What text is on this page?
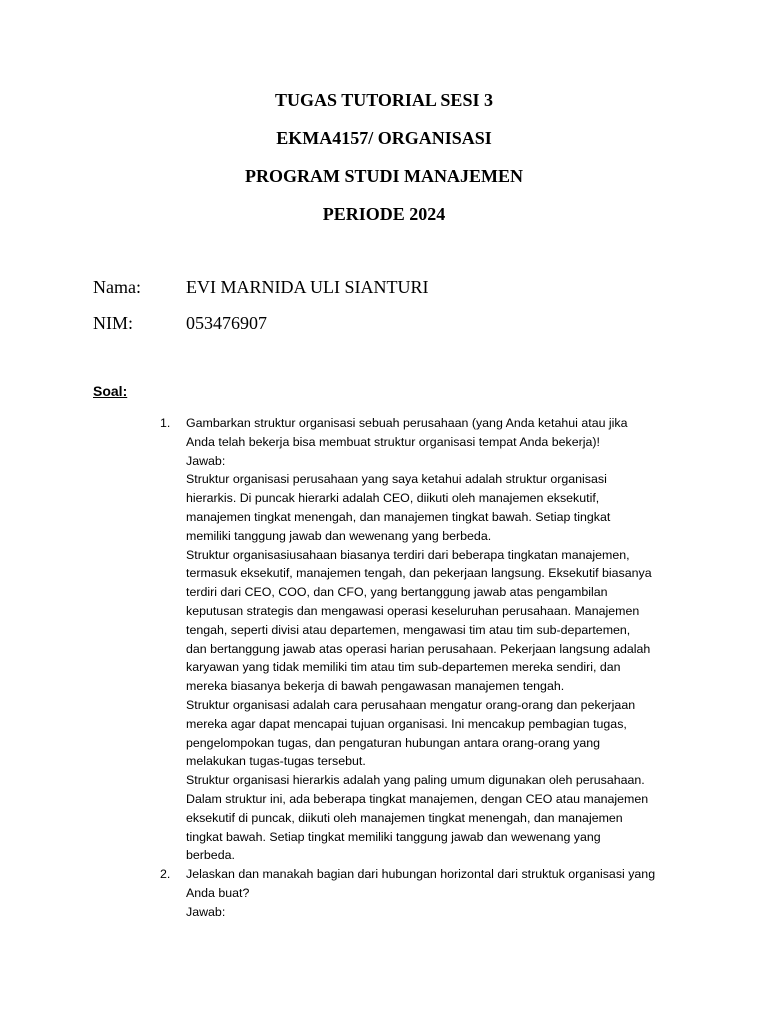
TUGAS TUTORIAL SESI 3
EKMA4157/ ORGANISASI
PROGRAM STUDI MANAJEMEN
PERIODE 2024
Nama:	EVI MARNIDA ULI SIANTURI
NIM:	053476907
Soal:
1.	Gambarkan struktur organisasi sebuah perusahaan (yang Anda ketahui atau jika
Anda telah bekerja bisa membuat struktur organisasi tempat Anda bekerja)!
Jawab:
Struktur organisasi perusahaan yang saya ketahui adalah struktur organisasi
hierarkis. Di puncak hierarki adalah CEO, diikuti oleh manajemen eksekutif,
manajemen tingkat menengah, dan manajemen tingkat bawah. Setiap tingkat
memiliki tanggung jawab dan wewenang yang berbeda.
Struktur organisasiusahaan biasanya terdiri dari beberapa tingkatan manajemen,
termasuk eksekutif, manajemen tengah, dan pekerjaan langsung. Eksekutif biasanya
terdiri dari CEO, COO, dan CFO, yang bertanggung jawab atas pengambilan
keputusan strategis dan mengawasi operasi keseluruhan perusahaan. Manajemen
tengah, seperti divisi atau departemen, mengawasi tim atau tim sub-departemen,
dan bertanggung jawab atas operasi harian perusahaan. Pekerjaan langsung adalah
karyawan yang tidak memiliki tim atau tim sub-departemen mereka sendiri, dan
mereka biasanya bekerja di bawah pengawasan manajemen tengah.
Struktur organisasi adalah cara perusahaan mengatur orang-orang dan pekerjaan
mereka agar dapat mencapai tujuan organisasi. Ini mencakup pembagian tugas,
pengelompokan tugas, dan pengaturan hubungan antara orang-orang yang
melakukan tugas-tugas tersebut.
Struktur organisasi hierarkis adalah yang paling umum digunakan oleh perusahaan.
Dalam struktur ini, ada beberapa tingkat manajemen, dengan CEO atau manajemen
eksekutif di puncak, diikuti oleh manajemen tingkat menengah, dan manajemen
tingkat bawah. Setiap tingkat memiliki tanggung jawab dan wewenang yang
berbeda.
2.	Jelaskan dan manakah bagian dari hubungan horizontal dari struktuk organisasi yang
Anda buat?
Jawab:
